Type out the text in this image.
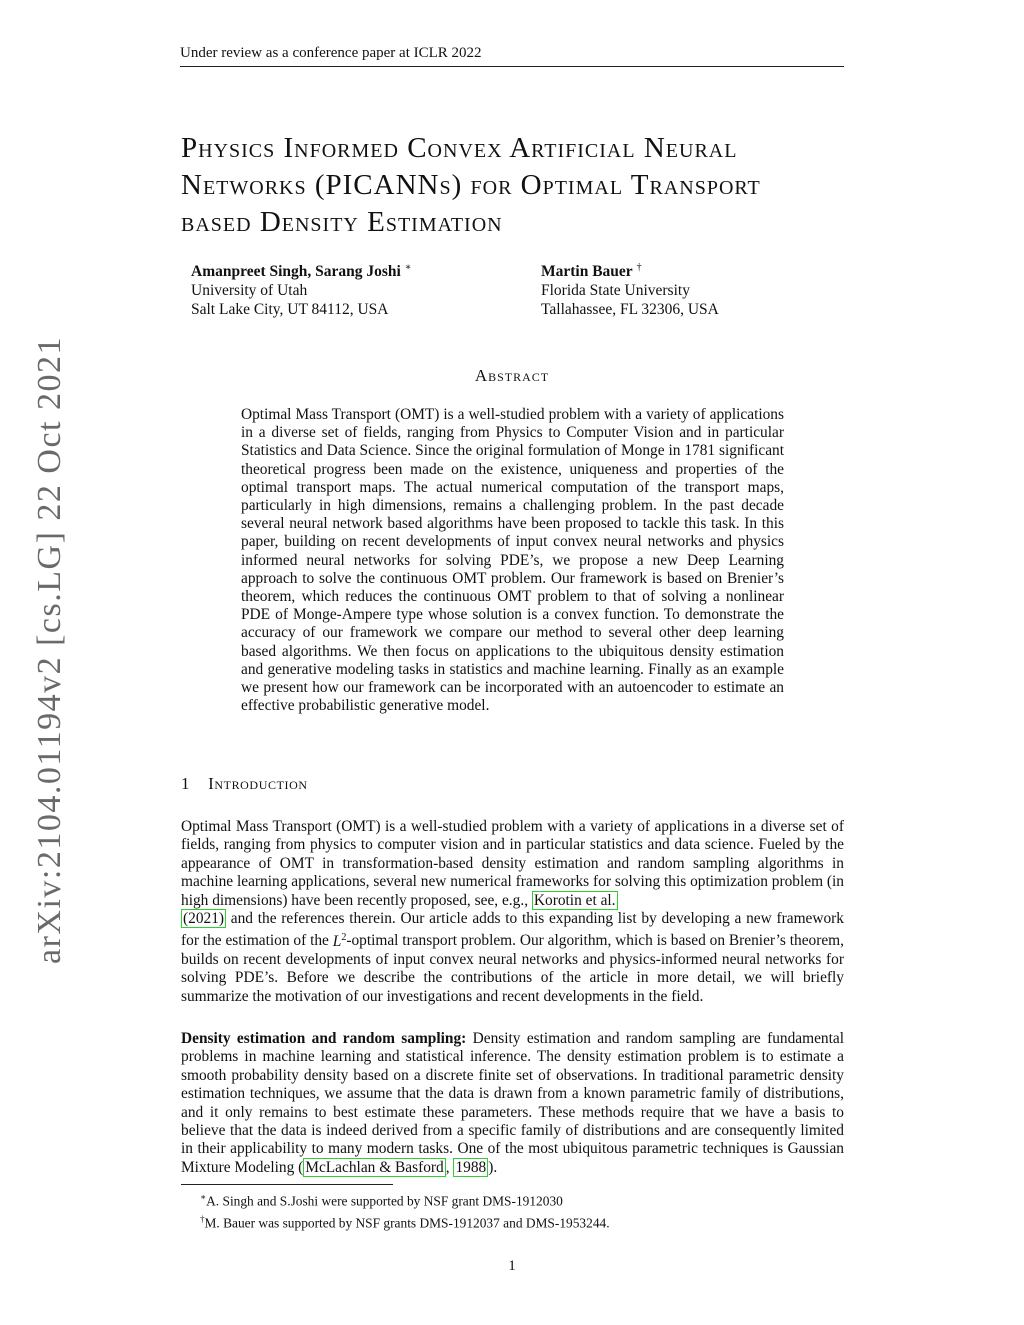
Under review as a conference paper at ICLR 2022
arXiv:2104.01194v2 [cs.LG] 22 Oct 2021
Physics Informed Convex Artificial Neural
Networks (PICANNs) for Optimal Transport
based Density Estimation
Amanpreet Singh, Sarang Joshi ∗
University of Utah
Salt Lake City, UT 84112, USA
Martin Bauer †
Florida State University
Tallahassee, FL 32306, USA
Abstract
Optimal Mass Transport (OMT) is a well-studied problem with a variety of applications in a diverse set of fields, ranging from Physics to Computer Vision and in particular Statistics and Data Science. Since the original formulation of Monge in 1781 significant theoretical progress been made on the existence, uniqueness and properties of the optimal transport maps. The actual numerical computation of the transport maps, particularly in high dimensions, remains a challenging problem. In the past decade several neural network based algorithms have been proposed to tackle this task. In this paper, building on recent developments of input convex neural networks and physics informed neural networks for solving PDE’s, we propose a new Deep Learning approach to solve the continuous OMT problem. Our framework is based on Brenier’s theorem, which reduces the continuous OMT problem to that of solving a nonlinear PDE of Monge-Ampere type whose solution is a convex function. To demonstrate the accuracy of our framework we compare our method to several other deep learning based algorithms. We then focus on applications to the ubiquitous density estimation and generative modeling tasks in statistics and machine learning. Finally as an example we present how our framework can be incorporated with an autoencoder to estimate an effective probabilistic generative model.
1 Introduction
Optimal Mass Transport (OMT) is a well-studied problem with a variety of applications in a diverse set of fields, ranging from physics to computer vision and in particular statistics and data science. Fueled by the appearance of OMT in transformation-based density estimation and random sampling algorithms in machine learning applications, several new numerical frameworks for solving this optimization problem (in high dimensions) have been recently proposed, see, e.g., Korotin et al.
(2021) and the references therein. Our article adds to this expanding list by developing a new framework for the estimation of the $L^2$-optimal transport problem. Our algorithm, which is based on Brenier’s theorem, builds on recent developments of input convex neural networks and physics-informed neural networks for solving PDE’s. Before we describe the contributions of the article in more detail, we will briefly summarize the motivation of our investigations and recent developments in the field.
Density estimation and random sampling: Density estimation and random sampling are fundamental problems in machine learning and statistical inference. The density estimation problem is to estimate a smooth probability density based on a discrete finite set of observations. In traditional parametric density estimation techniques, we assume that the data is drawn from a known parametric family of distributions, and it only remains to best estimate these parameters. These methods require that we have a basis to believe that the data is indeed derived from a specific family of distributions and are consequently limited in their applicability to many modern tasks. One of the most ubiquitous parametric techniques is Gaussian Mixture Modeling ( McLachlan & Basford , 1988 ).
∗A. Singh and S.Joshi were supported by NSF grant DMS-1912030
†M. Bauer was supported by NSF grants DMS-1912037 and DMS-1953244.
1
